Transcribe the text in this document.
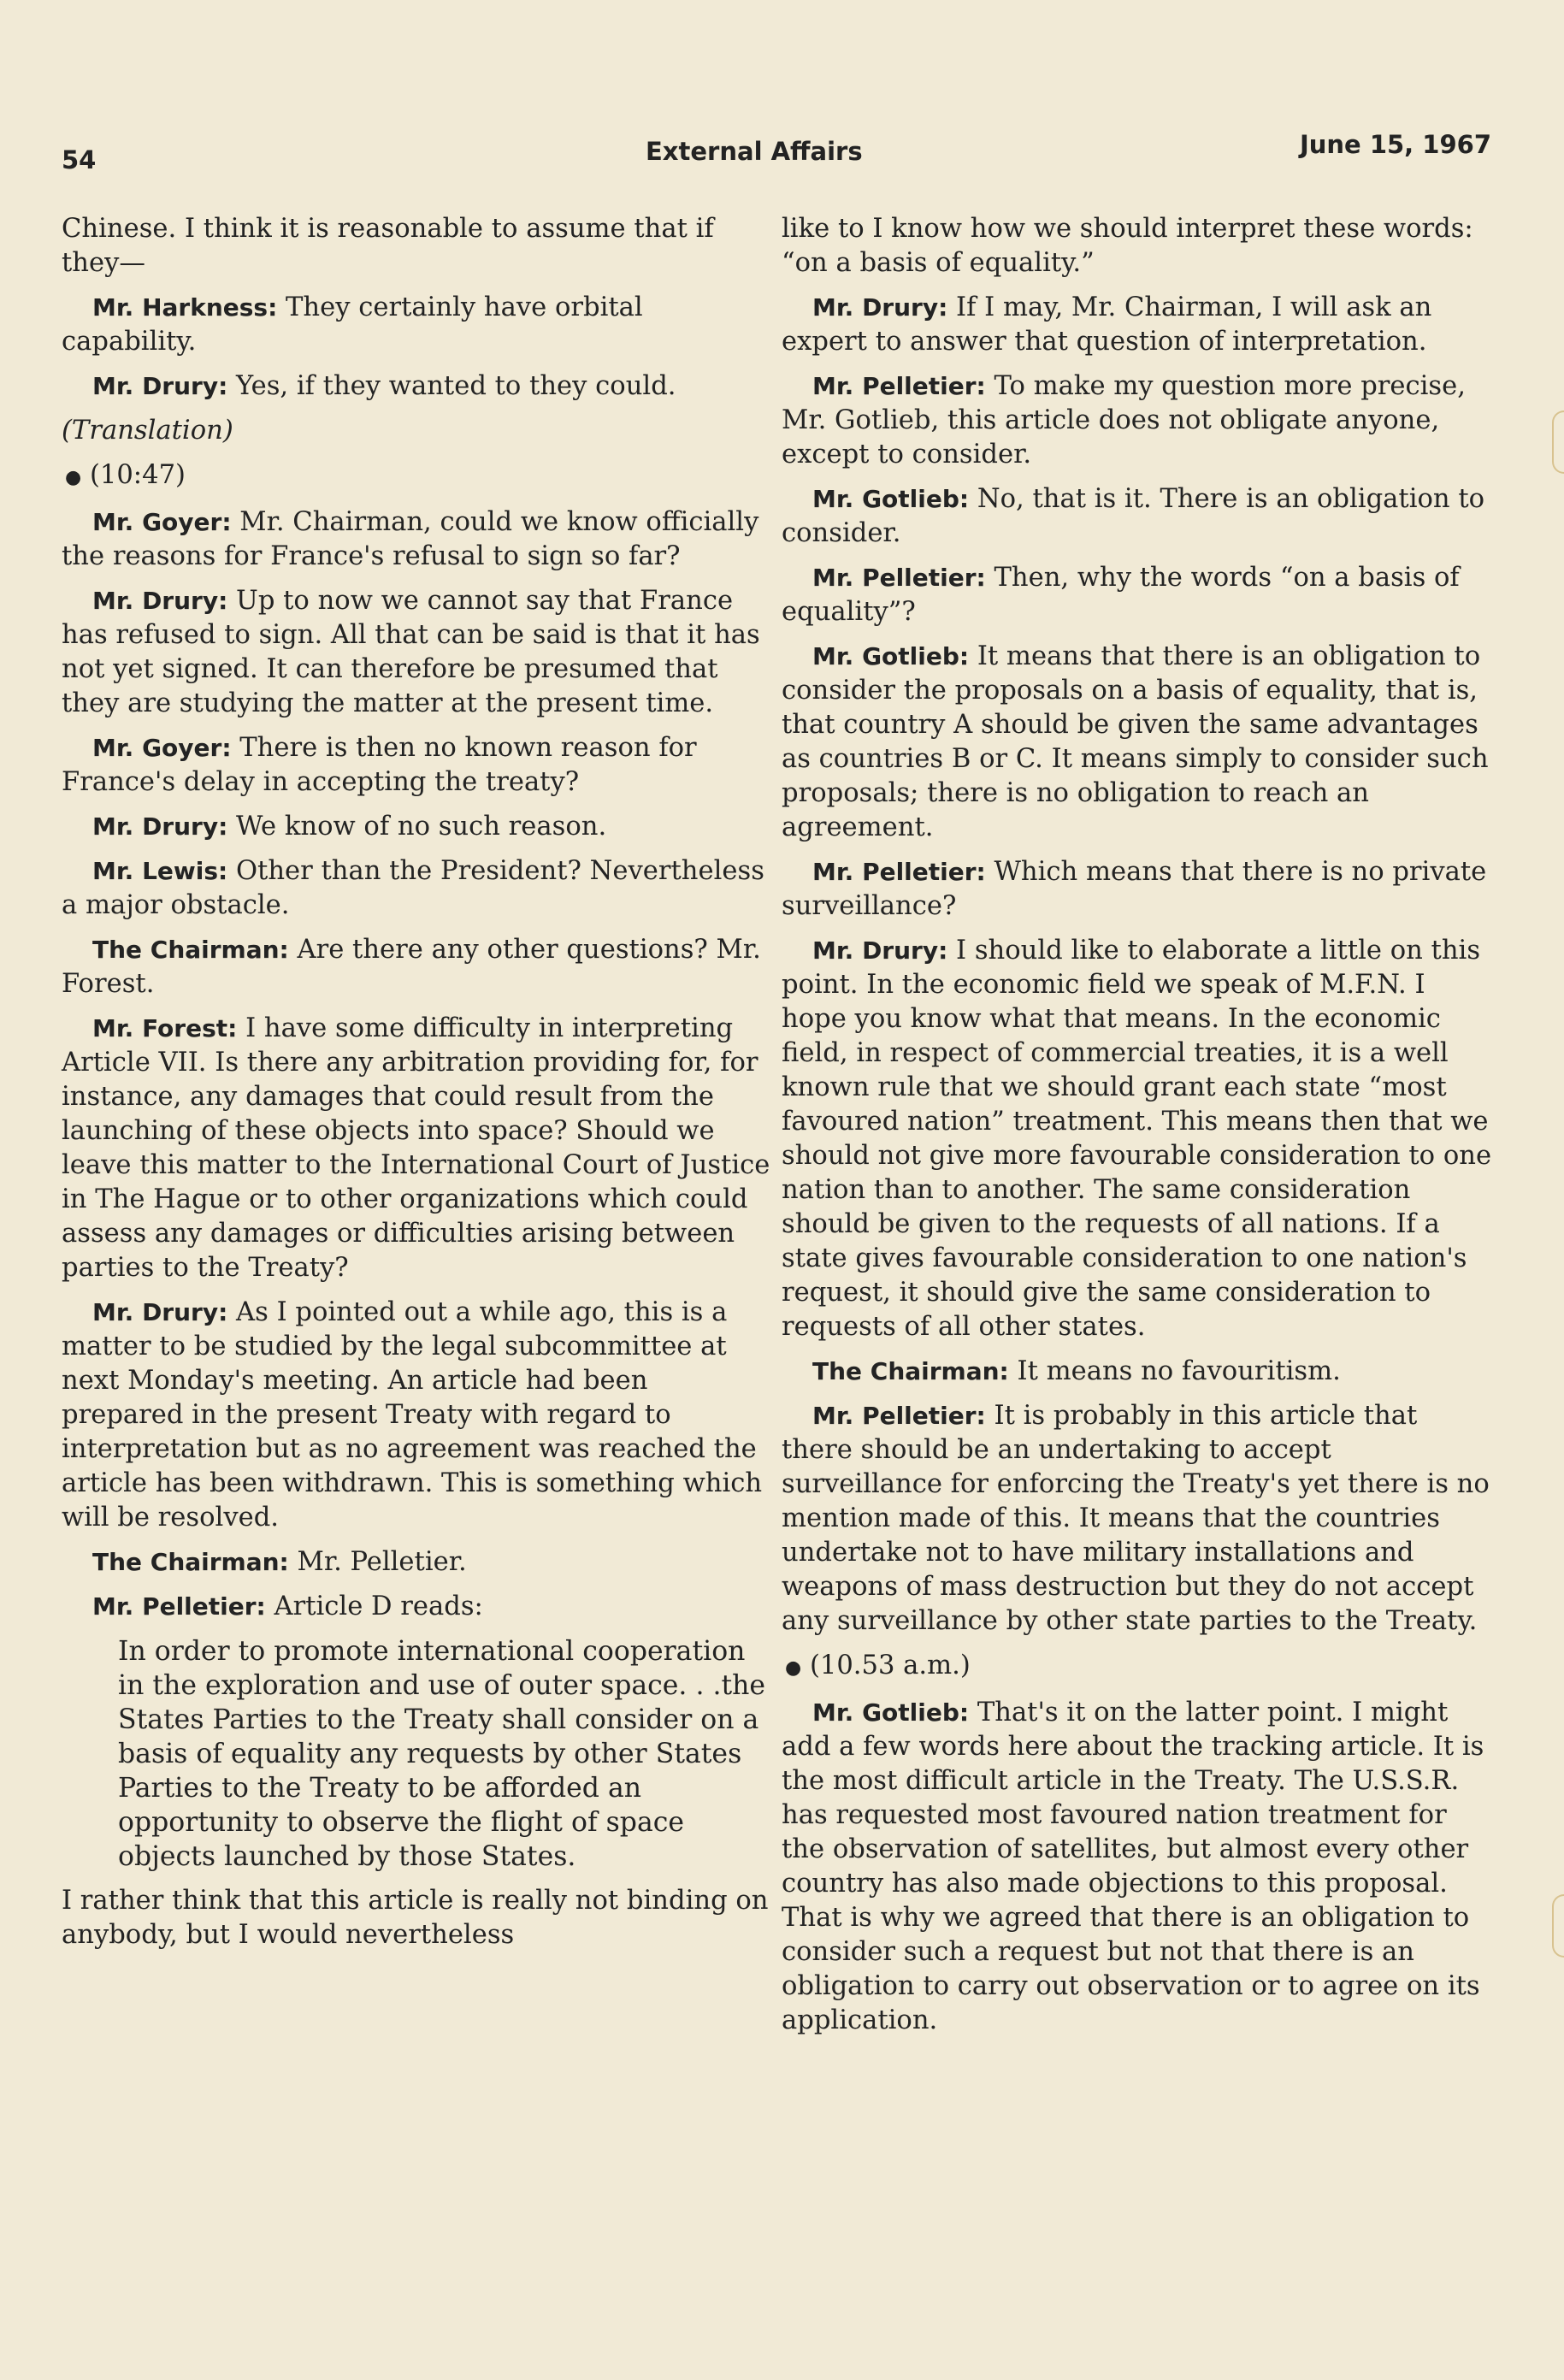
54	External Affairs	June 15, 1967

Chinese. I think it is reasonable to assume that if they—

Mr. Harkness: They certainly have orbital capability.

Mr. Drury: Yes, if they wanted to they could.

(Translation)

● (10:47)

Mr. Goyer: Mr. Chairman, could we know officially the reasons for France's refusal to sign so far?

Mr. Drury: Up to now we cannot say that France has refused to sign. All that can be said is that it has not yet signed. It can therefore be presumed that they are studying the matter at the present time.

Mr. Goyer: There is then no known reason for France's delay in accepting the treaty?

Mr. Drury: We know of no such reason.

Mr. Lewis: Other than the President? Nevertheless a major obstacle.

The Chairman: Are there any other questions? Mr. Forest.

Mr. Forest: I have some difficulty in interpreting Article VII. Is there any arbitration providing for, for instance, any damages that could result from the launching of these objects into space? Should we leave this matter to the International Court of Justice in The Hague or to other organizations which could assess any damages or difficulties arising between parties to the Treaty?

Mr. Drury: As I pointed out a while ago, this is a matter to be studied by the legal subcommittee at next Monday's meeting. An article had been prepared in the present Treaty with regard to interpretation but as no agreement was reached the article has been withdrawn. This is something which will be resolved.

The Chairman: Mr. Pelletier.

Mr. Pelletier: Article D reads:

In order to promote international cooperation in the exploration and use of outer space. . .the States Parties to the Treaty shall consider on a basis of equality any requests by other States Parties to the Treaty to be afforded an opportunity to observe the flight of space objects launched by those States.

I rather think that this article is really not binding on anybody, but I would nevertheless

like to I know how we should interpret these words: “on a basis of equality.”

Mr. Drury: If I may, Mr. Chairman, I will ask an expert to answer that question of interpretation.

Mr. Pelletier: To make my question more precise, Mr. Gotlieb, this article does not obligate anyone, except to consider.

Mr. Gotlieb: No, that is it. There is an obligation to consider.

Mr. Pelletier: Then, why the words “on a basis of equality”?

Mr. Gotlieb: It means that there is an obligation to consider the proposals on a basis of equality, that is, that country A should be given the same advantages as countries B or C. It means simply to consider such proposals; there is no obligation to reach an agreement.

Mr. Pelletier: Which means that there is no private surveillance?

Mr. Drury: I should like to elaborate a little on this point. In the economic field we speak of M.F.N. I hope you know what that means. In the economic field, in respect of commercial treaties, it is a well known rule that we should grant each state “most favoured nation” treatment. This means then that we should not give more favourable consideration to one nation than to another. The same consideration should be given to the requests of all nations. If a state gives favourable consideration to one nation's request, it should give the same consideration to requests of all other states.

The Chairman: It means no favouritism.

Mr. Pelletier: It is probably in this article that there should be an undertaking to accept surveillance for enforcing the Treaty's yet there is no mention made of this. It means that the countries undertake not to have military installations and weapons of mass destruction but they do not accept any surveillance by other state parties to the Treaty.

● (10.53 a.m.)

Mr. Gotlieb: That's it on the latter point. I might add a few words here about the tracking article. It is the most difficult article in the Treaty. The U.S.S.R. has requested most favoured nation treatment for the observation of satellites, but almost every other country has also made objections to this proposal. That is why we agreed that there is an obligation to consider such a request but not that there is an obligation to carry out observation or to agree on its application.
